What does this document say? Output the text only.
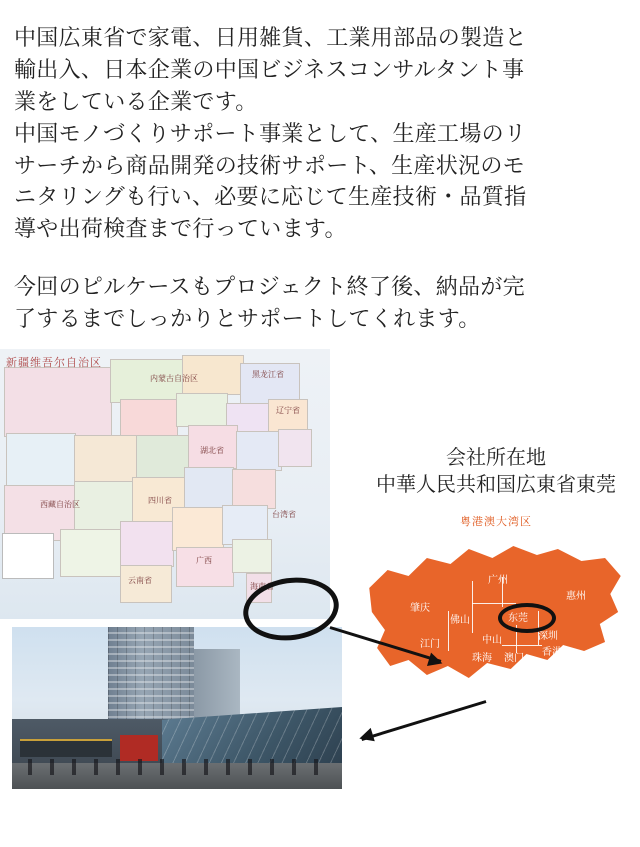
中国広東省で家電、日用雑貨、工業用部品の製造と
輸出入、日本企業の中国ビジネスコンサルタント事
業をしている企業です。
中国モノづくりサポート事業として、生産工場のリ
サーチから商品開発の技術サポート、生産状況のモ
ニタリングも行い、必要に応じて生産技術・品質指
導や出荷検査まで行っています。

今回のピルケースもプロジェクト終了後、納品が完
了するまでしっかりとサポートしてくれます。

新疆维吾尔自治区
内蒙古自治区	黑龙江省
辽宁省
湖北省
西藏自治区	四川省
广西
云南省
海南省
台湾省
会社所在地
中華人民共和国広東省東莞
粤港澳大湾区
广州
惠州
肇庆
佛山	东莞
深圳
中山
江门
珠海 澳门
香港
